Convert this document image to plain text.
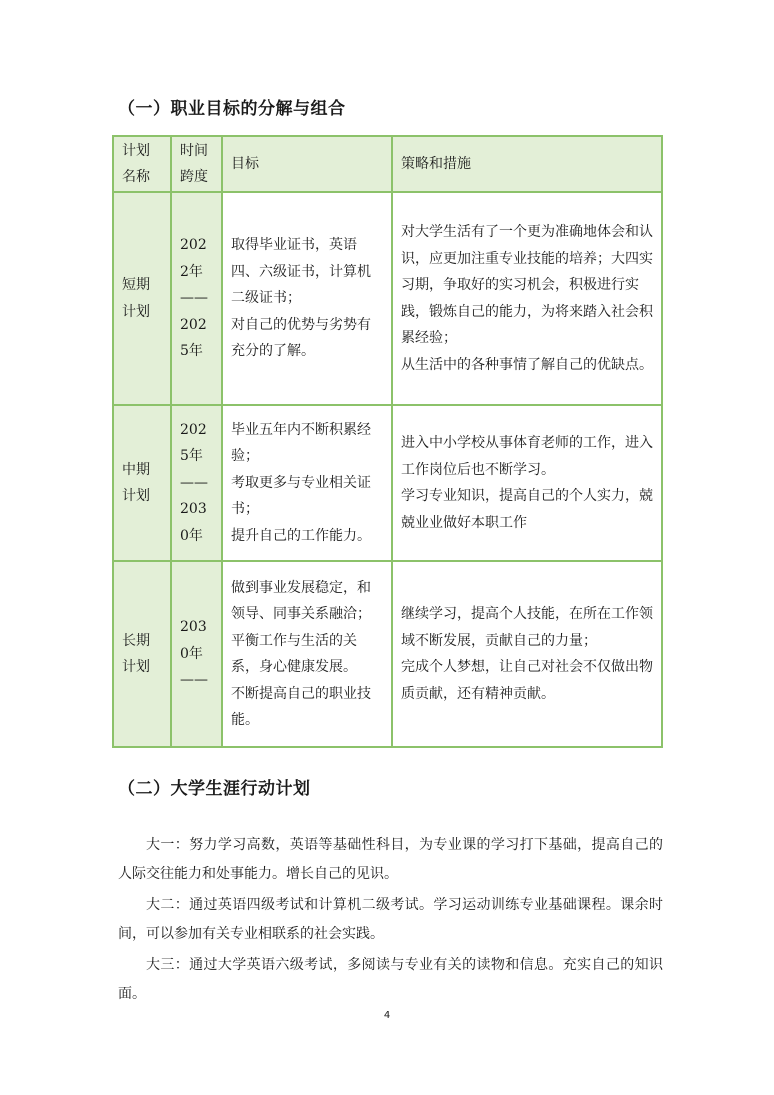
（一）职业目标的分解与组合
计划名称	时间跨度	目标	策略和措施
短期计划	2022年 ——2025年	取得毕业证书，英语四、六级证书，计算机二级证书；
对自己的优势与劣势有充分的了解。	对大学生活有了一个更为准确地体会和认识，应更加注重专业技能的培养；大四实习期，争取好的实习机会，积极进行实践，锻炼自己的能力，为将来踏入社会积累经验；
从生活中的各种事情了解自己的优缺点。

中期计划	2025年 ——2030年	毕业五年内不断积累经验；
考取更多与专业相关证书；
提升自己的工作能力。	进入中小学校从事体育老师的工作，进入工作岗位后也不断学习。
学习专业知识，提高自己的个人实力，兢兢业业做好本职工作

长期计划	2030年 ——	做到事业发展稳定，和领导、同事关系融洽；
平衡工作与生活的关系，身心健康发展。
不断提高自己的职业技能。	继续学习，提高个人技能，在所在工作领域不断发展，贡献自己的力量；
完成个人梦想，让自己对社会不仅做出物质贡献，还有精神贡献。
（二）大学生涯行动计划

大一：努力学习高数，英语等基础性科目，为专业课的学习打下基础，提高自己的人际交往能力和处事能力。增长自己的见识。

大二：通过英语四级考试和计算机二级考试。学习运动训练专业基础课程。课余时间，可以参加有关专业相联系的社会实践。

大三：通过大学英语六级考试，多阅读与专业有关的读物和信息。充实自己的知识面。

4
